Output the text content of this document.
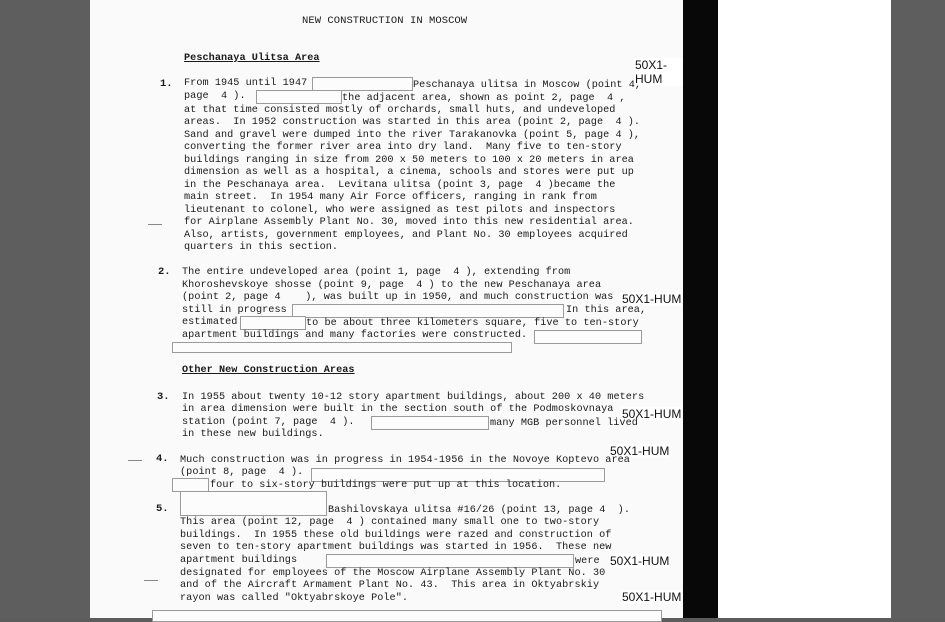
NEW CONSTRUCTION IN MOSCOW
Peschanaya Ulitsa Area	50X1-HUM
1. From 1945 until 1947	Peschanaya ulitsa in Moscow (point 4,
page  4 ).	the adjacent area, shown as point 2, page  4 ,
at that time consisted mostly of orchards, small huts, and undeveloped
areas.  In 1952 construction was started in this area (point 2, page  4 ).
Sand and gravel were dumped into the river Tarakanovka (point 5, page 4 ),
converting the former river area into dry land.  Many five to ten-story
buildings ranging in size from 200 x 50 meters to 100 x 20 meters in area
dimension as well as a hospital, a cinema, schools and stores were put up
in the Peschanaya area.  Levitana ulitsa (point 3, page  4 )became the
main street.  In 1954 many Air Force officers, ranging in rank from
lieutenant to colonel, who were assigned as test pilots and inspectors
for Airplane Assembly Plant No. 30, moved into this new residential area.
Also, artists, government employees, and Plant No. 30 employees acquired
quarters in this section.
2. The entire undeveloped area (point 1, page  4 ), extending from
Khoroshevskoye shosse (point 9, page  4 ) to the new Peschanaya area
(point 2, page 4    ), was built up in 1950, and much construction was 50X1-HUM
still in progress	In this area,
estimated	to be about three kilometers square, five to ten-story
apartment buildings and many factories were constructed.
Other New Construction Areas
3. In 1955 about twenty 10-12 story apartment buildings, about 200 x 40 meters
in area dimension were built in the section south of the Podmoskovnaya 50X1-HUM
station (point 7, page  4 ).	many MGB personnel lived
in these new buildings.
50X1-HUM
4. Much construction was in progress in 1954-1956 in the Novoye Koptevo area
(point 8, page  4 ).
four to six-story buildings were put up at this location.
5.	Bashilovskaya ulitsa #16/26 (point 13, page 4  ).
This area (point 12, page  4 ) contained many small one to two-story
buildings.  In 1955 these old buildings were razed and construction of
seven to ten-story apartment buildings was started in 1956.  These new
apartment buildings	were 50X1-HUM
designated for employees of the Moscow Airplane Assembly Plant No. 30
and of the Aircraft Armament Plant No. 43.  This area in Oktyabrskiy
rayon was called "Oktyabrskoye Pole".	50X1-HUM
